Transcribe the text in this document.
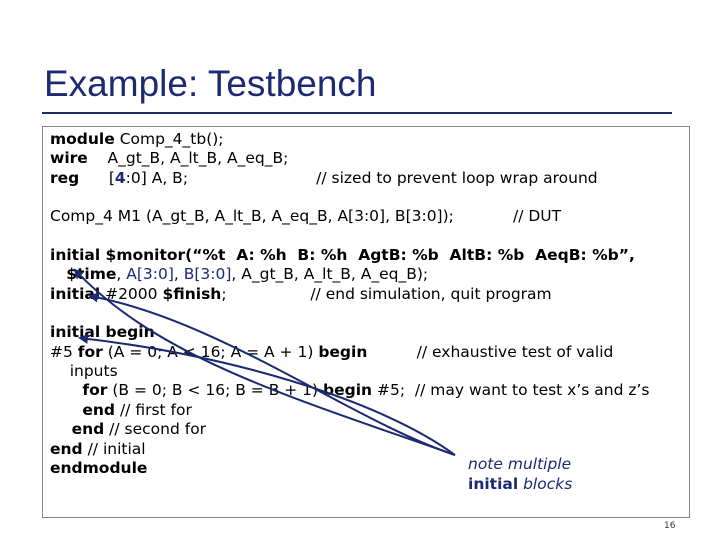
Example: Testbench
module Comp_4_tb();
wire    A_gt_B, A_lt_B, A_eq_B;
reg      [4:0] A, B;                          // sized to prevent loop wrap around
Comp_4 M1 (A_gt_B, A_lt_B, A_eq_B, A[3:0], B[3:0]);            // DUT
initial $monitor(“%t  A: %h  B: %h  AgtB: %b  AltB: %b  AeqB: %b”,
$time, A[3:0], B[3:0], A_gt_B, A_lt_B, A_eq_B);
initial #2000 $finish;                 // end simulation, quit program
initial begin
#5 for (A = 0; A < 16; A = A + 1) begin          // exhaustive test of valid
inputs
for (B = 0; B < 16; B = B + 1) begin #5;  // may want to test x’s and z’s
end // first for
end // second for
end // initial
endmodule	note multiple
initial blocks
16
